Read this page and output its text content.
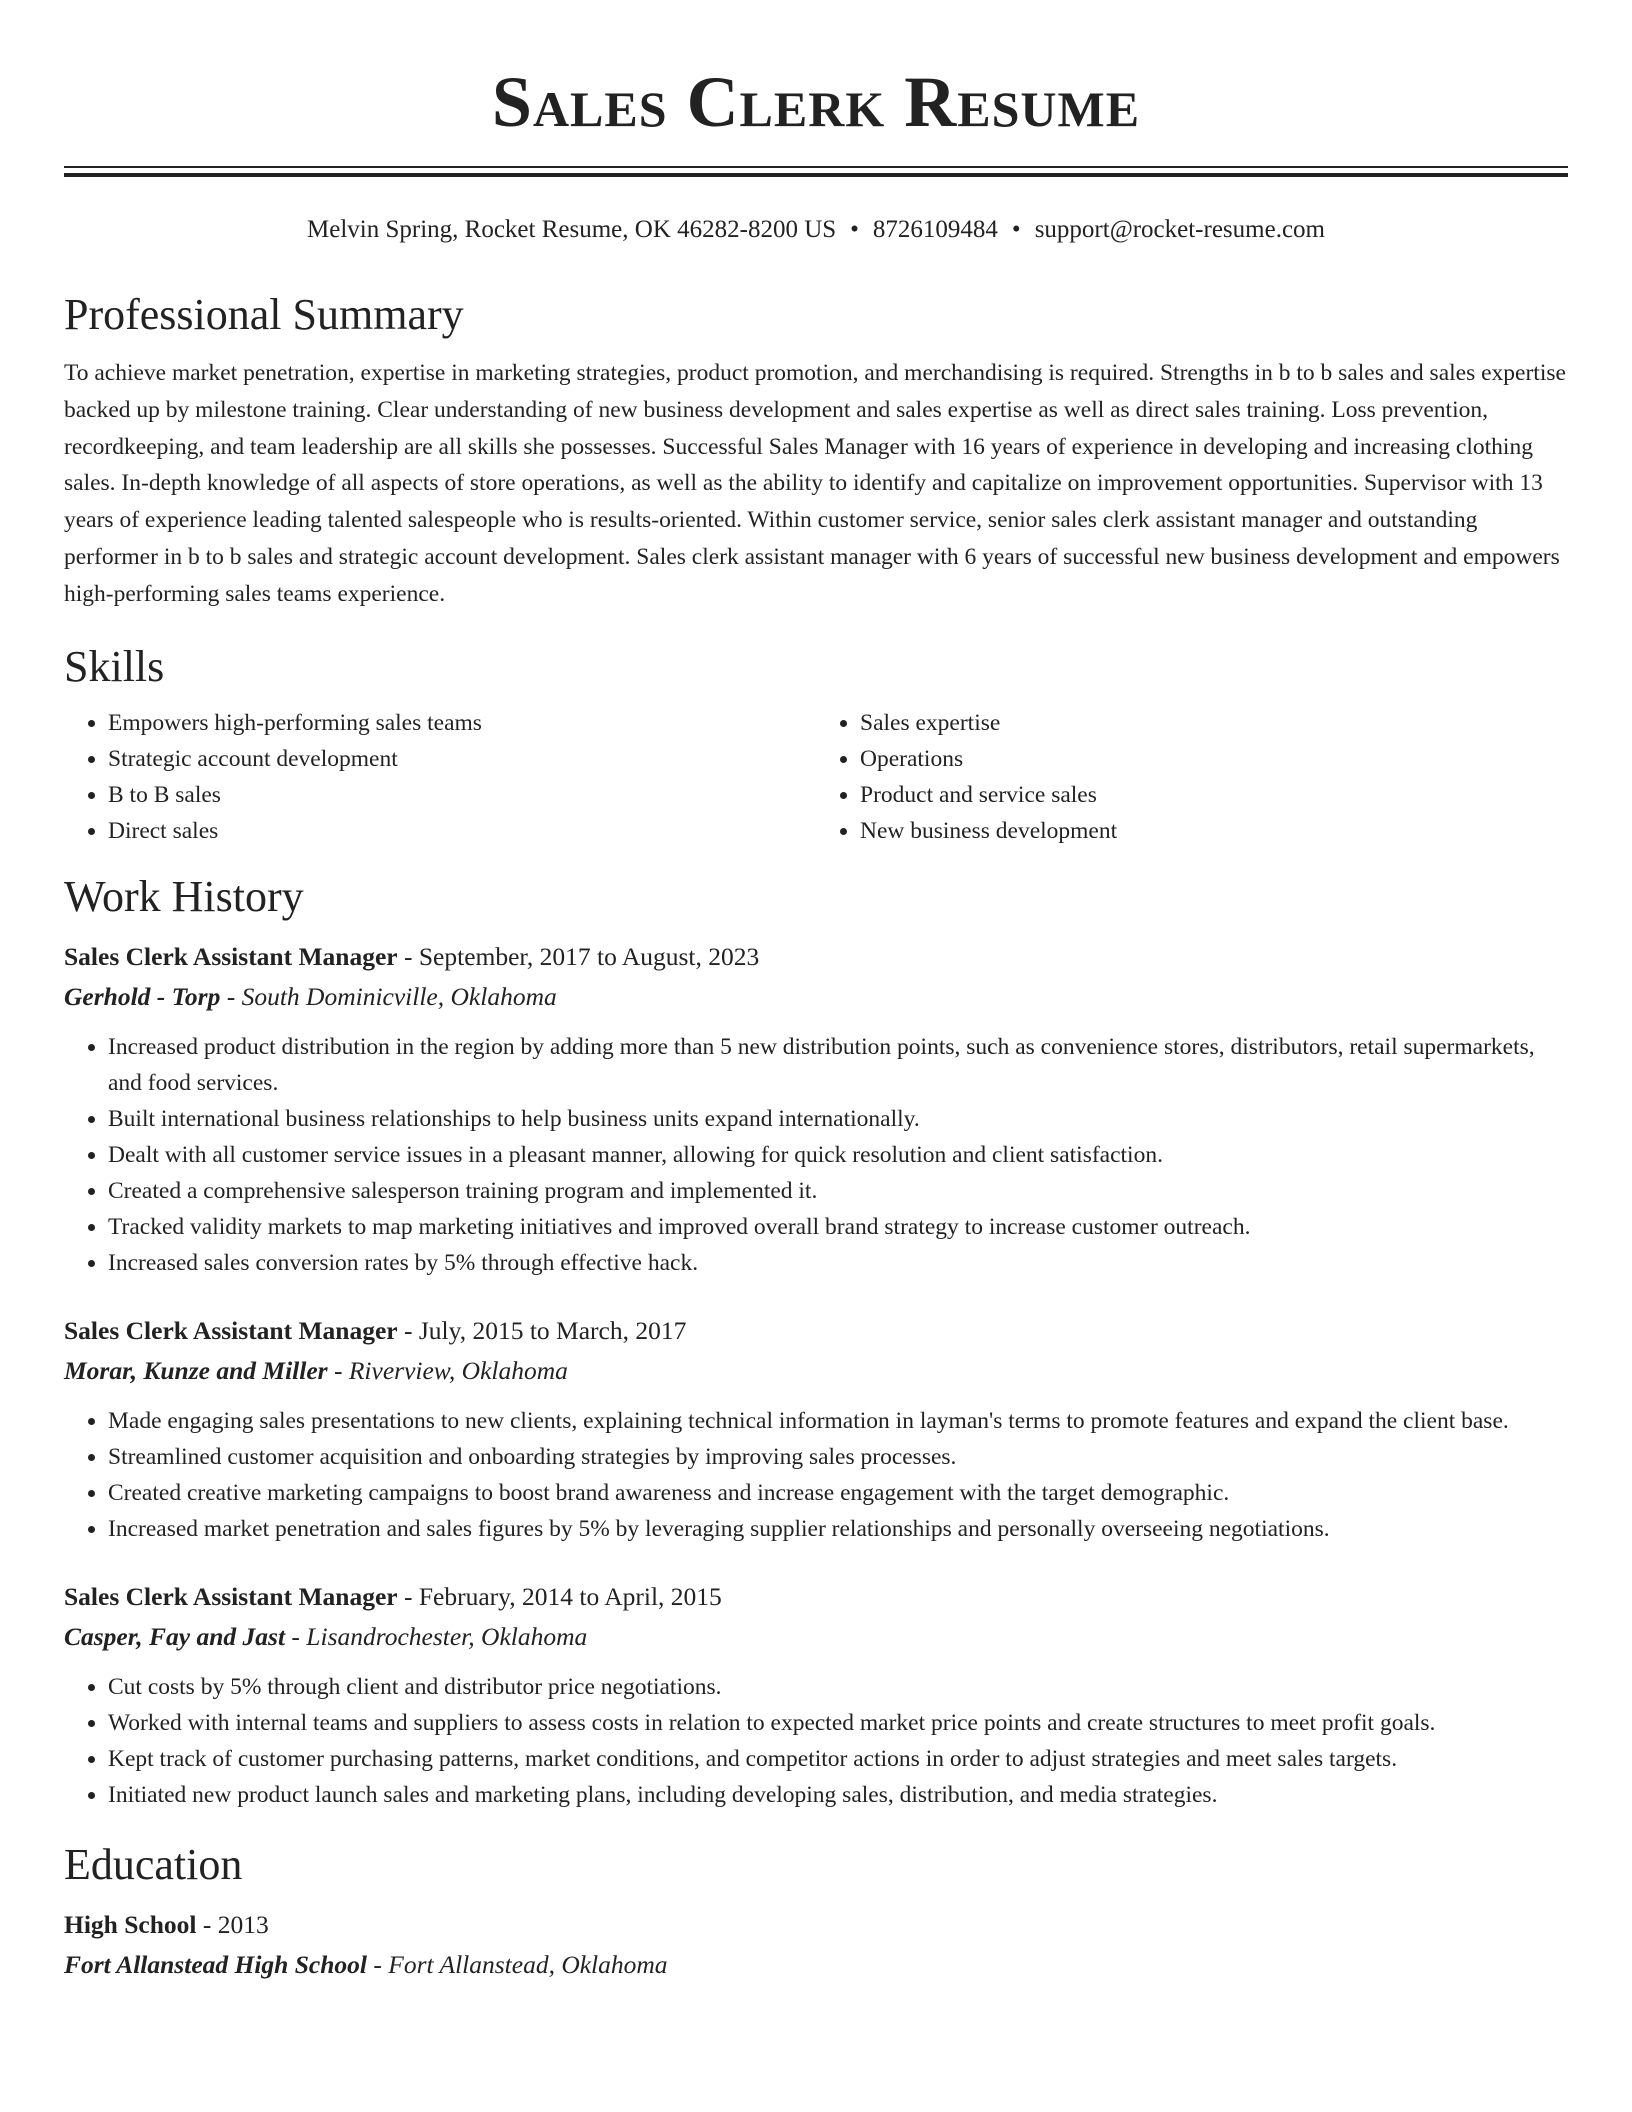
Sales Clerk Resume
Melvin Spring, Rocket Resume, OK 46282-8200 US • 8726109484 • support@rocket-resume.com
Professional Summary

To achieve market penetration, expertise in marketing strategies, product promotion, and merchandising is required. Strengths in b to b sales and sales expertise backed up by milestone training. Clear understanding of new business development and sales expertise as well as direct sales training. Loss prevention, recordkeeping, and team leadership are all skills she possesses. Successful Sales Manager with 16 years of experience in developing and increasing clothing sales. In-depth knowledge of all aspects of store operations, as well as the ability to identify and capitalize on improvement opportunities. Supervisor with 13 years of experience leading talented salespeople who is results-oriented. Within customer service, senior sales clerk assistant manager and outstanding performer in b to b sales and strategic account development. Sales clerk assistant manager with 6 years of successful new business development and empowers high-performing sales teams experience.

Skills
• Empowers high-performing sales teams
• Strategic account development
• B to B sales
• Direct sales
• Sales expertise
• Operations
• Product and service sales
• New business development
Work History
Sales Clerk Assistant Manager - September, 2017 to August, 2023
Gerhold - Torp - South Dominicville, Oklahoma
• Increased product distribution in the region by adding more than 5 new distribution points, such as convenience stores, distributors, retail supermarkets, and food services.
• Built international business relationships to help business units expand internationally.
• Dealt with all customer service issues in a pleasant manner, allowing for quick resolution and client satisfaction.
• Created a comprehensive salesperson training program and implemented it.
• Tracked validity markets to map marketing initiatives and improved overall brand strategy to increase customer outreach.
• Increased sales conversion rates by 5% through effective hack.
Sales Clerk Assistant Manager - July, 2015 to March, 2017
Morar, Kunze and Miller - Riverview, Oklahoma
• Made engaging sales presentations to new clients, explaining technical information in layman's terms to promote features and expand the client base.
• Streamlined customer acquisition and onboarding strategies by improving sales processes.
• Created creative marketing campaigns to boost brand awareness and increase engagement with the target demographic.
• Increased market penetration and sales figures by 5% by leveraging supplier relationships and personally overseeing negotiations.
Sales Clerk Assistant Manager - February, 2014 to April, 2015
Casper, Fay and Jast - Lisandrochester, Oklahoma
• Cut costs by 5% through client and distributor price negotiations.
• Worked with internal teams and suppliers to assess costs in relation to expected market price points and create structures to meet profit goals.
• Kept track of customer purchasing patterns, market conditions, and competitor actions in order to adjust strategies and meet sales targets.
• Initiated new product launch sales and marketing plans, including developing sales, distribution, and media strategies.
Education
High School - 2013
Fort Allanstead High School - Fort Allanstead, Oklahoma
